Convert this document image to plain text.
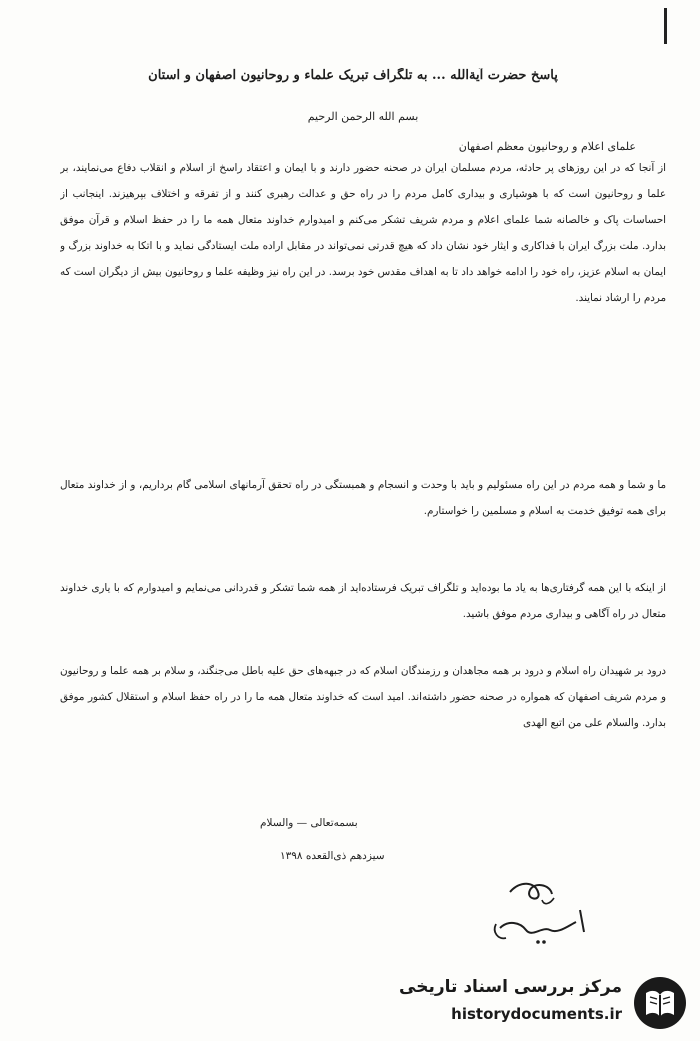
پاسخ حضرت آیة‌الله ... به تلگراف تبریک علماء و روحانیون اصفهان و استان
بسم الله الرحمن الرحیم
علمای اعلام و روحانیون معظم اصفهان
از آنجا که در این روزهای پر حادثه، مردم مسلمان ایران در صحنه حضور دارند و با ایمان و اعتقاد راسخ از اسلام و انقلاب دفاع می‌نمایند، بر علما و روحانیون است که با هوشیاری و بیداری کامل مردم را در راه حق و عدالت رهبری کنند و از تفرقه و اختلاف بپرهیزند. اینجانب از احساسات پاک و خالصانه شما علمای اعلام و مردم شریف تشکر می‌کنم و امیدوارم خداوند متعال همه ما را در حفظ اسلام و قرآن موفق بدارد. ملت بزرگ ایران با فداکاری و ایثار خود نشان داد که هیچ قدرتی نمی‌تواند در مقابل اراده ملت ایستادگی نماید و با اتکا به خداوند بزرگ و ایمان به اسلام عزیز، راه خود را ادامه خواهد داد تا به اهداف مقدس خود برسد. در این راه نیز وظیفه علما و روحانیون بیش از دیگران است که مردم را ارشاد نمایند.
ما و شما و همه مردم در این راه مسئولیم و باید با وحدت و انسجام و همبستگی در راه تحقق آرمانهای اسلامی گام برداریم، و از خداوند متعال برای همه توفیق خدمت به اسلام و مسلمین را خواستارم.
از اینکه با این همه گرفتاری‌ها به یاد ما بوده‌اید و تلگراف تبریک فرستاده‌اید از همه شما تشکر و قدردانی می‌نمایم و امیدوارم که با یاری خداوند متعال در راه آگاهی و بیداری مردم موفق باشید.
درود بر شهیدان راه اسلام و درود بر همه مجاهدان و رزمندگان اسلام که در جبهه‌های حق علیه باطل می‌جنگند، و سلام بر همه علما و روحانیون و مردم شریف اصفهان که همواره در صحنه حضور داشته‌اند. امید است که خداوند متعال همه ما را در راه حفظ اسلام و استقلال کشور موفق بدارد. والسلام علی من اتبع الهدی
بسمه‌تعالی — والسلام
سیزدهم ذی‌القعده ۱۳۹۸
مرکز بررسی اسناد تاریخی
historydocuments.ir
